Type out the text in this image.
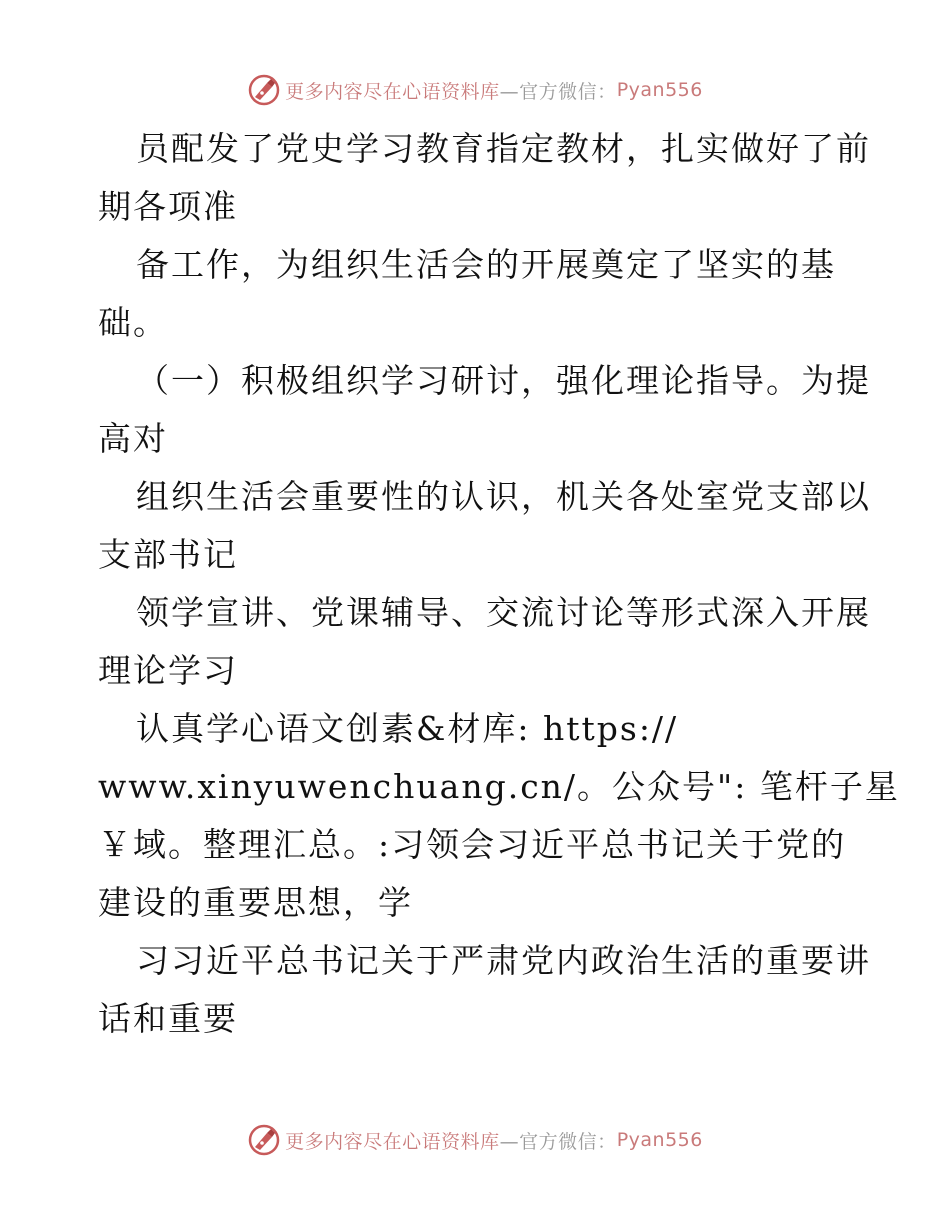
更多内容尽在心语资料库 —官方微信： Pyan556
员配发了党史学习教育指定教材，扎实做好了前
期各项准
备工作，为组织生活会的开展奠定了坚实的基
础。
（一）积极组织学习研讨，强化理论指导。为提
高对
组织生活会重要性的认识，机关各处室党支部以
支部书记
领学宣讲、党课辅导、交流讨论等形式深入开展
理论学习
认真学心语文创素&材库: https://
www.xinyuwenchuang.cn/。公众号": 笔杆子星
￥域。整理汇总。:习领会习近平总书记关于党的
建设的重要思想，学
习习近平总书记关于严肃党内政治生活的重要讲
话和重要
更多内容尽在心语资料库 —官方微信： Pyan556
